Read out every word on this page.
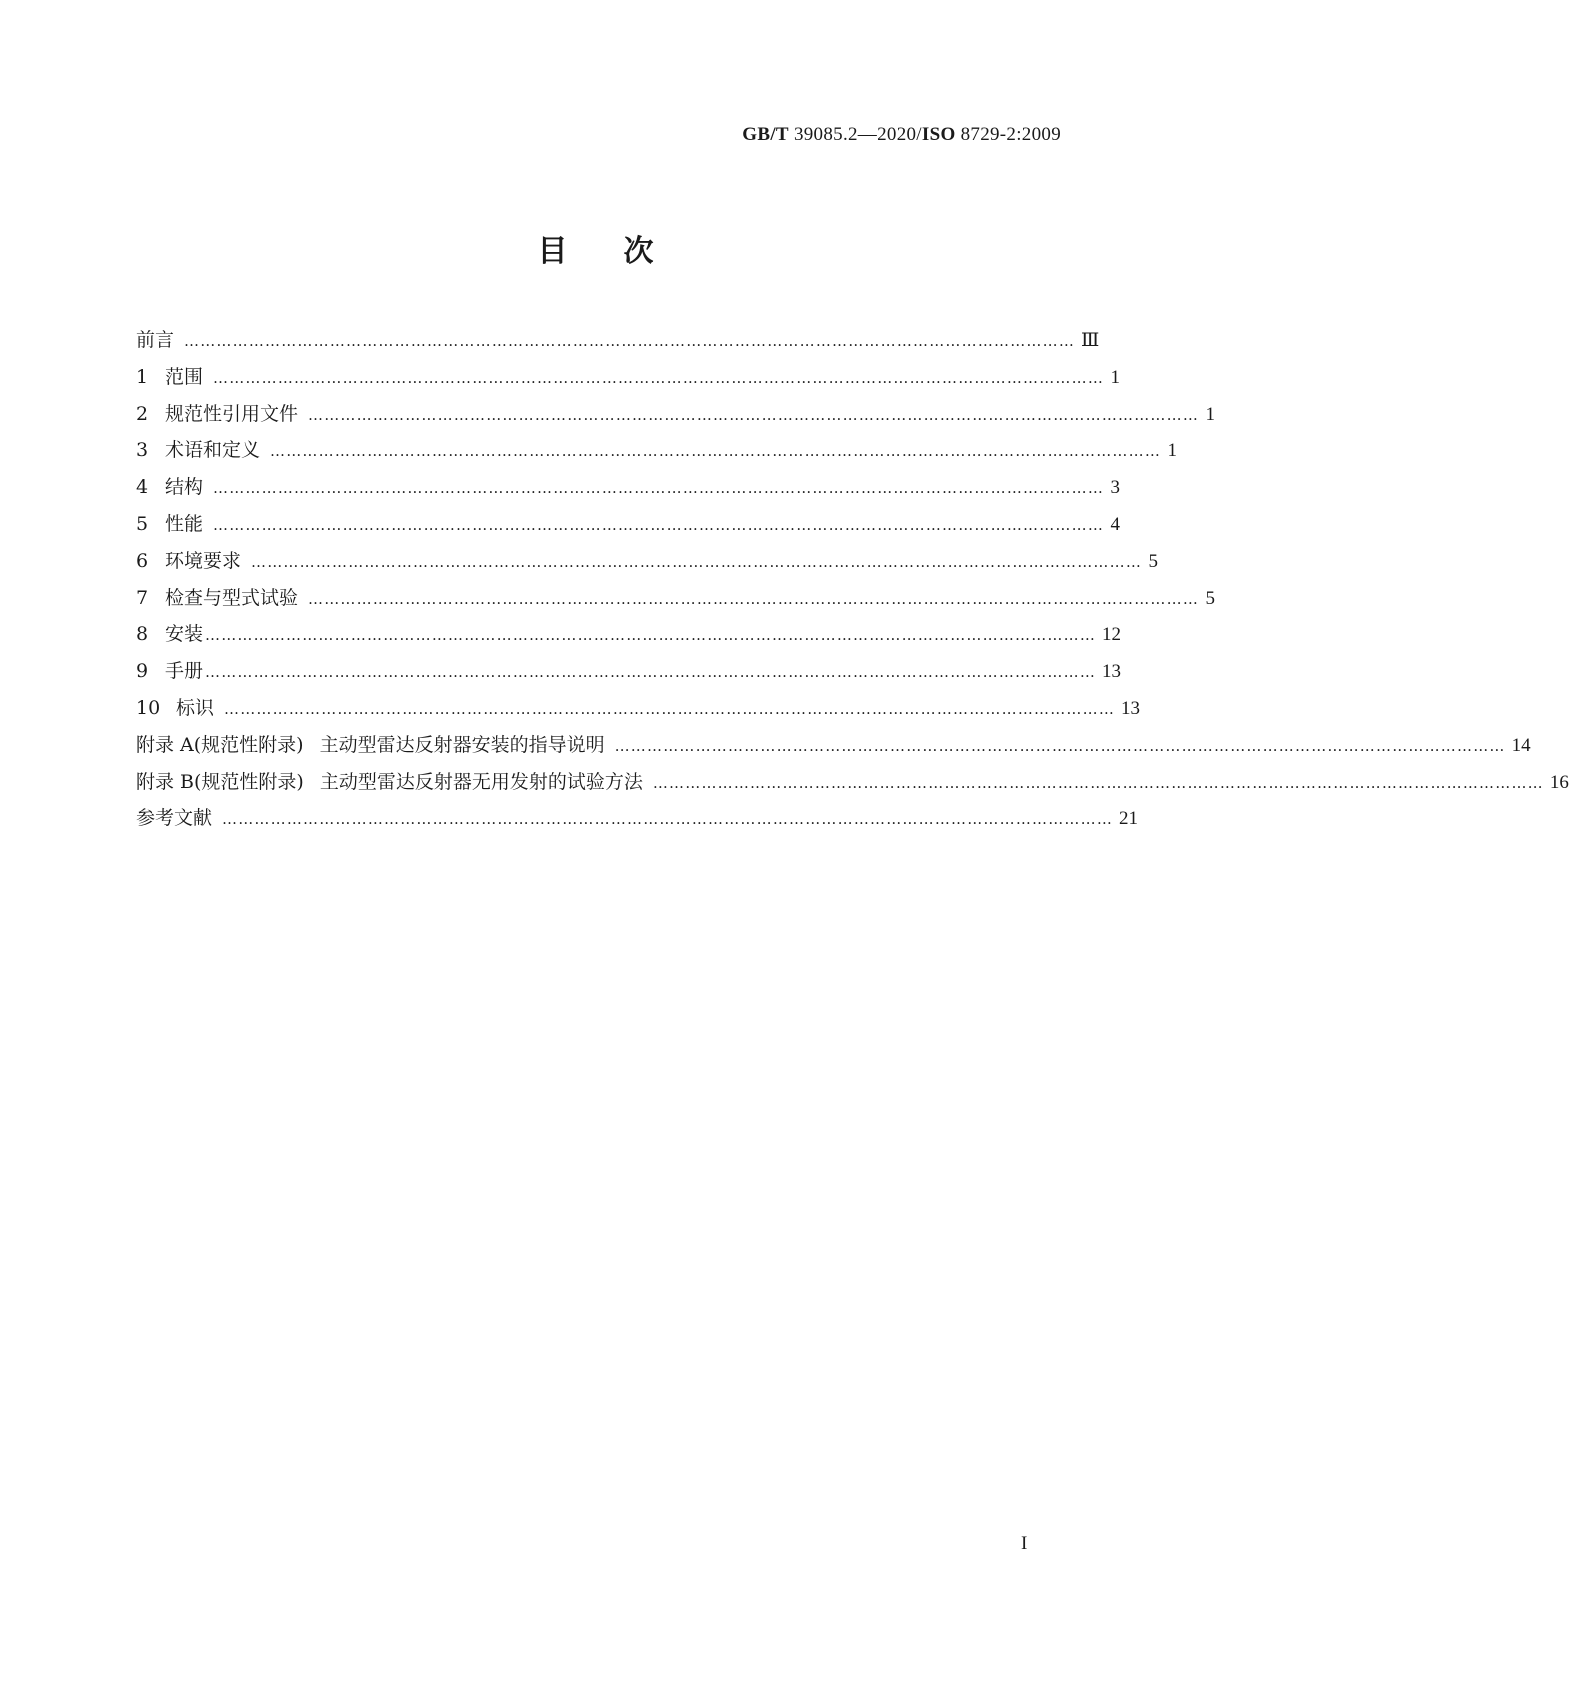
GB/T 39085.2—2020/ISO 8729-2:2009
目次
前言 ………………………………………………………………………………………………………………………………………………… Ⅲ
1 范围 ………………………………………………………………………………………………………………………………………………… 1
2 规范性引用文件 ………………………………………………………………………………………………………………………………………………… 1
3 术语和定义 ………………………………………………………………………………………………………………………………………………… 1
4 结构 ………………………………………………………………………………………………………………………………………………… 3
5 性能 ………………………………………………………………………………………………………………………………………………… 4
6 环境要求 ………………………………………………………………………………………………………………………………………………… 5
7 检查与型式试验 ………………………………………………………………………………………………………………………………………………… 5
8 安装 ………………………………………………………………………………………………………………………………………………… 12
9 手册 ………………………………………………………………………………………………………………………………………………… 13
10 标识 ………………………………………………………………………………………………………………………………………………… 13
附录 A(规范性附录) 主动型雷达反射器安装的指导说明 ………………………………………………………………………………………………………………………………………………… 14
附录 B(规范性附录) 主动型雷达反射器无用发射的试验方法 ………………………………………………………………………………………………………………………………………………… 16
参考文献 ………………………………………………………………………………………………………………………………………………… 21
I
